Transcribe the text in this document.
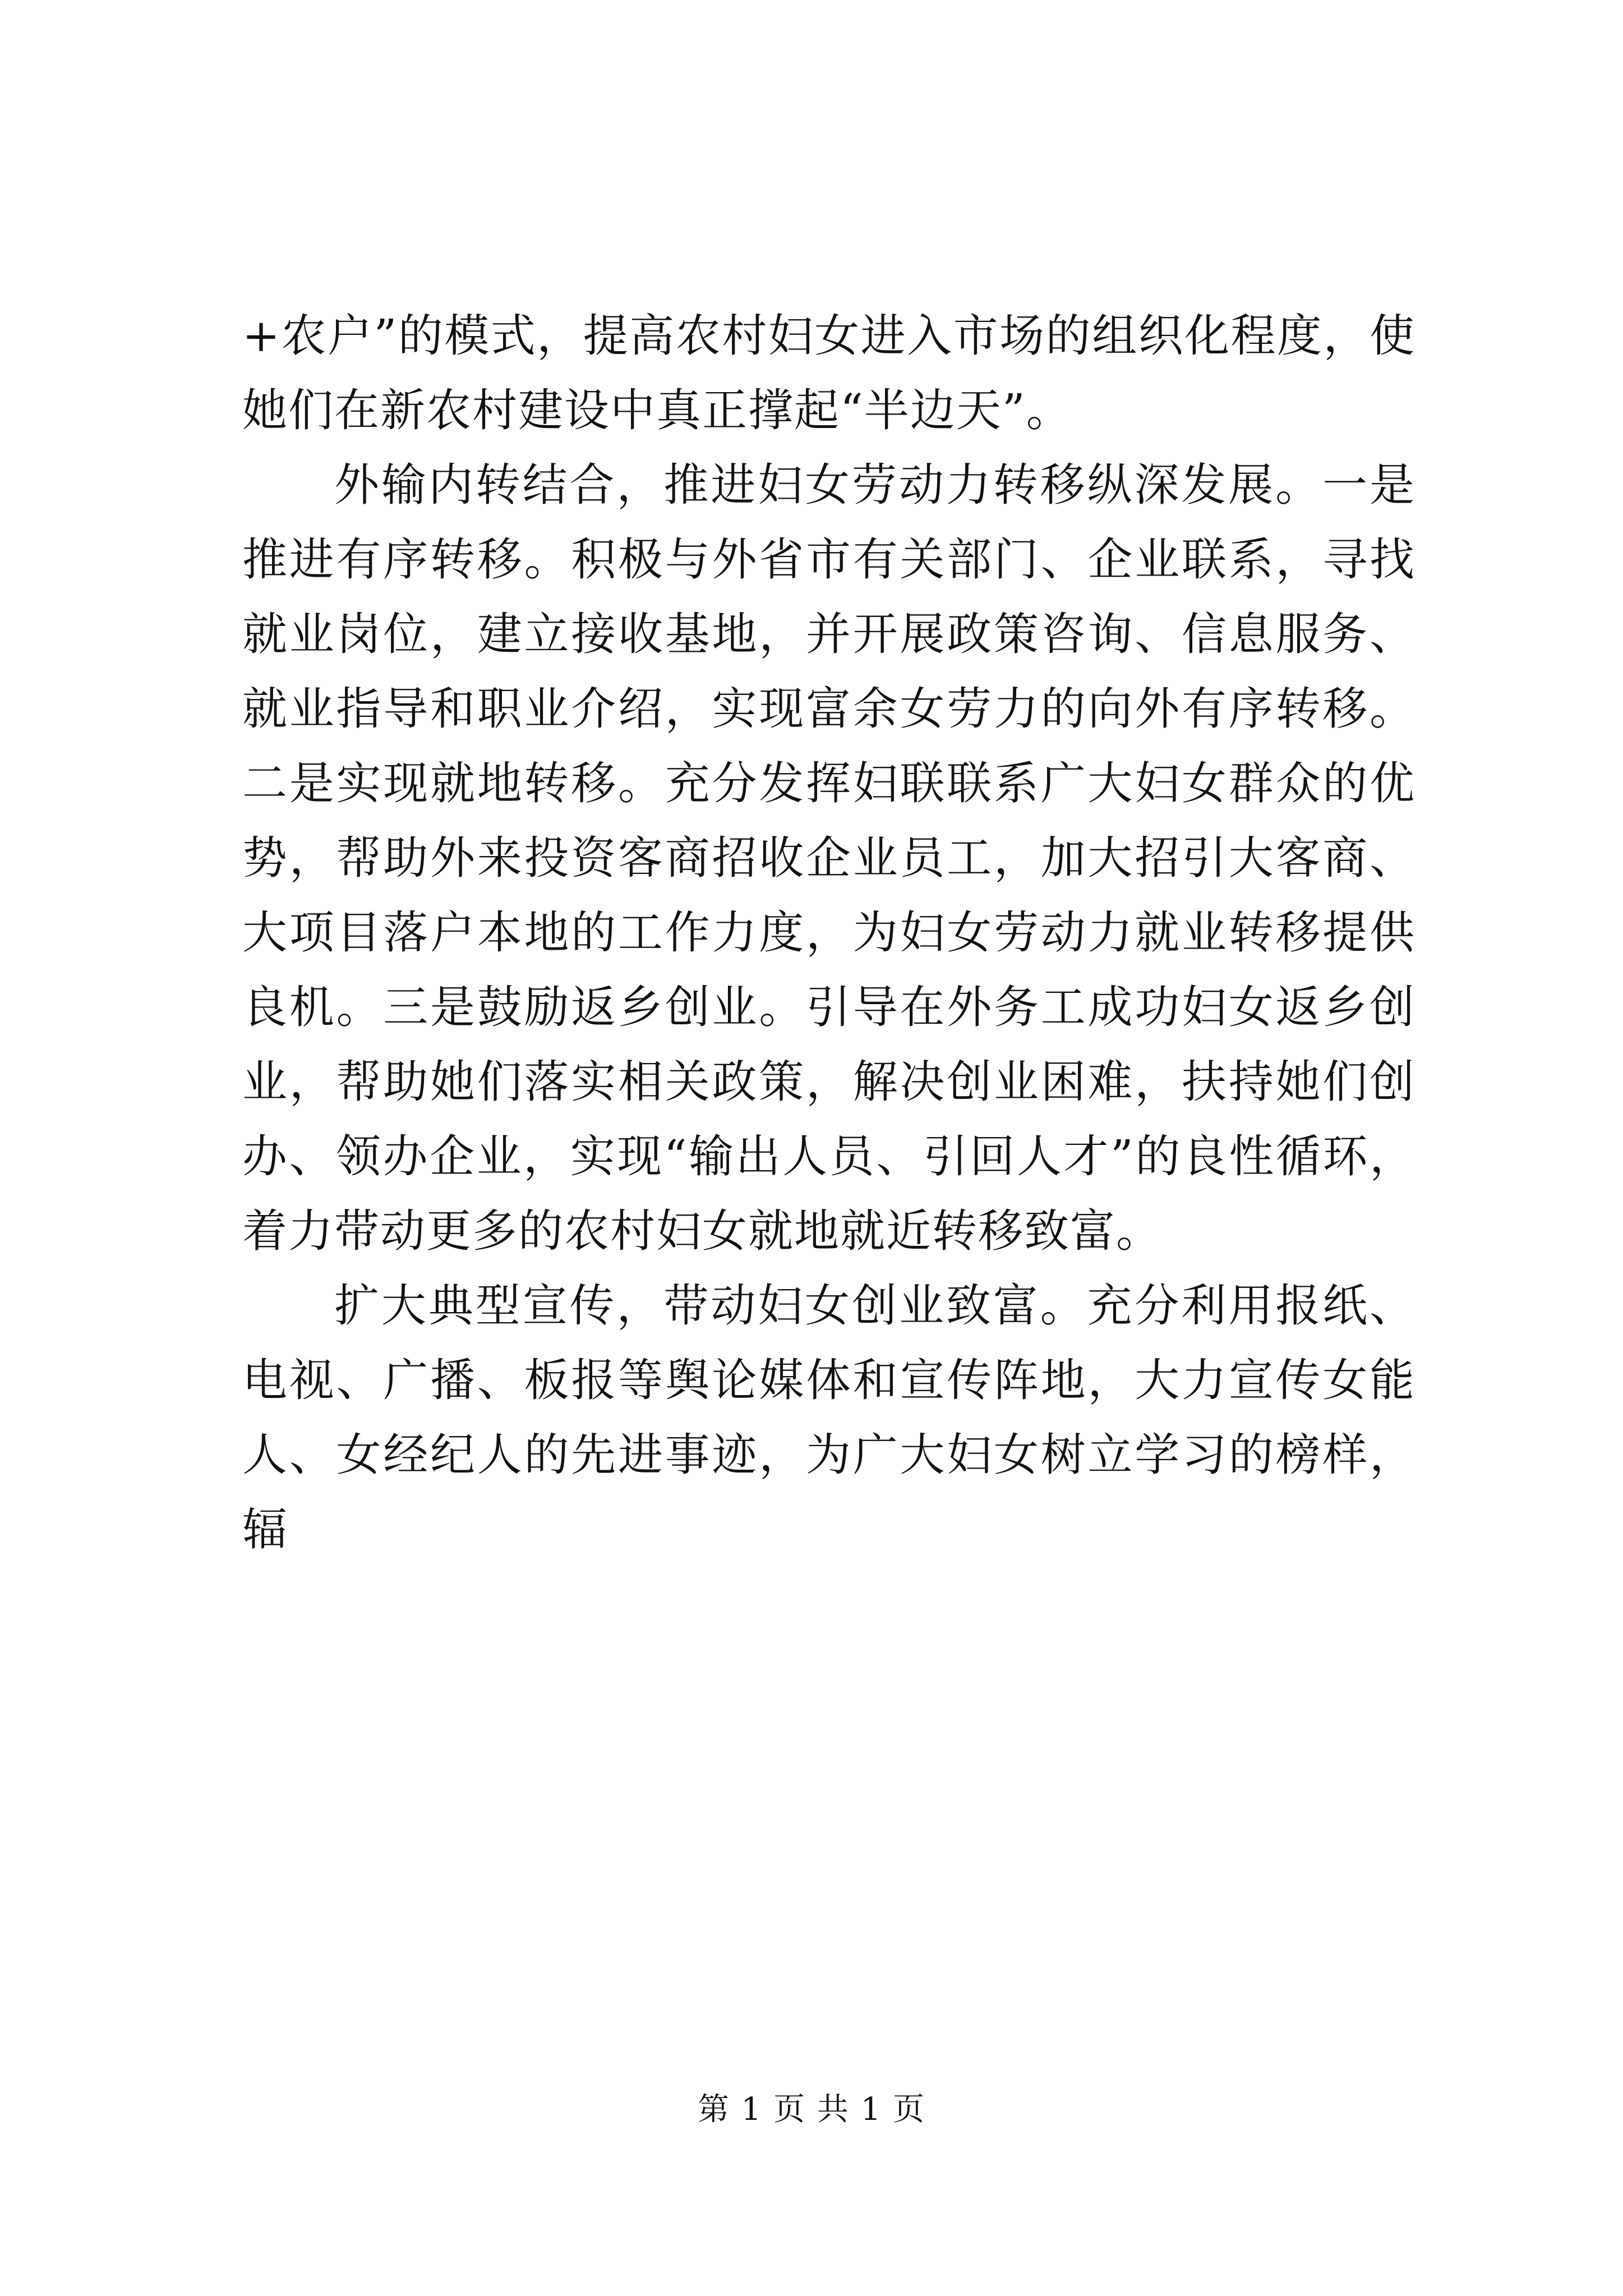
+农户”的模式，提高农村妇女进入市场的组织化程度，使她们在新农村建设中真正撑起“半边天”。

外输内转结合，推进妇女劳动力转移纵深发展。一是推进有序转移。积极与外省市有关部门、企业联系，寻找就业岗位，建立接收基地，并开展政策咨询、信息服务、就业指导和职业介绍，实现富余女劳力的向外有序转移。二是实现就地转移。充分发挥妇联联系广大妇女群众的优势，帮助外来投资客商招收企业员工，加大招引大客商、大项目落户本地的工作力度，为妇女劳动力就业转移提供良机。三是鼓励返乡创业。引导在外务工成功妇女返乡创业，帮助她们落实相关政策，解决创业困难，扶持她们创办、领办企业，实现“输出人员、引回人才”的良性循环，着力带动更多的农村妇女就地就近转移致富。

扩大典型宣传，带动妇女创业致富。充分利用报纸、电视、广播、板报等舆论媒体和宣传阵地，大力宣传女能人、女经纪人的先进事迹，为广大妇女树立学习的榜样，辐

第 1 页 共 1 页
